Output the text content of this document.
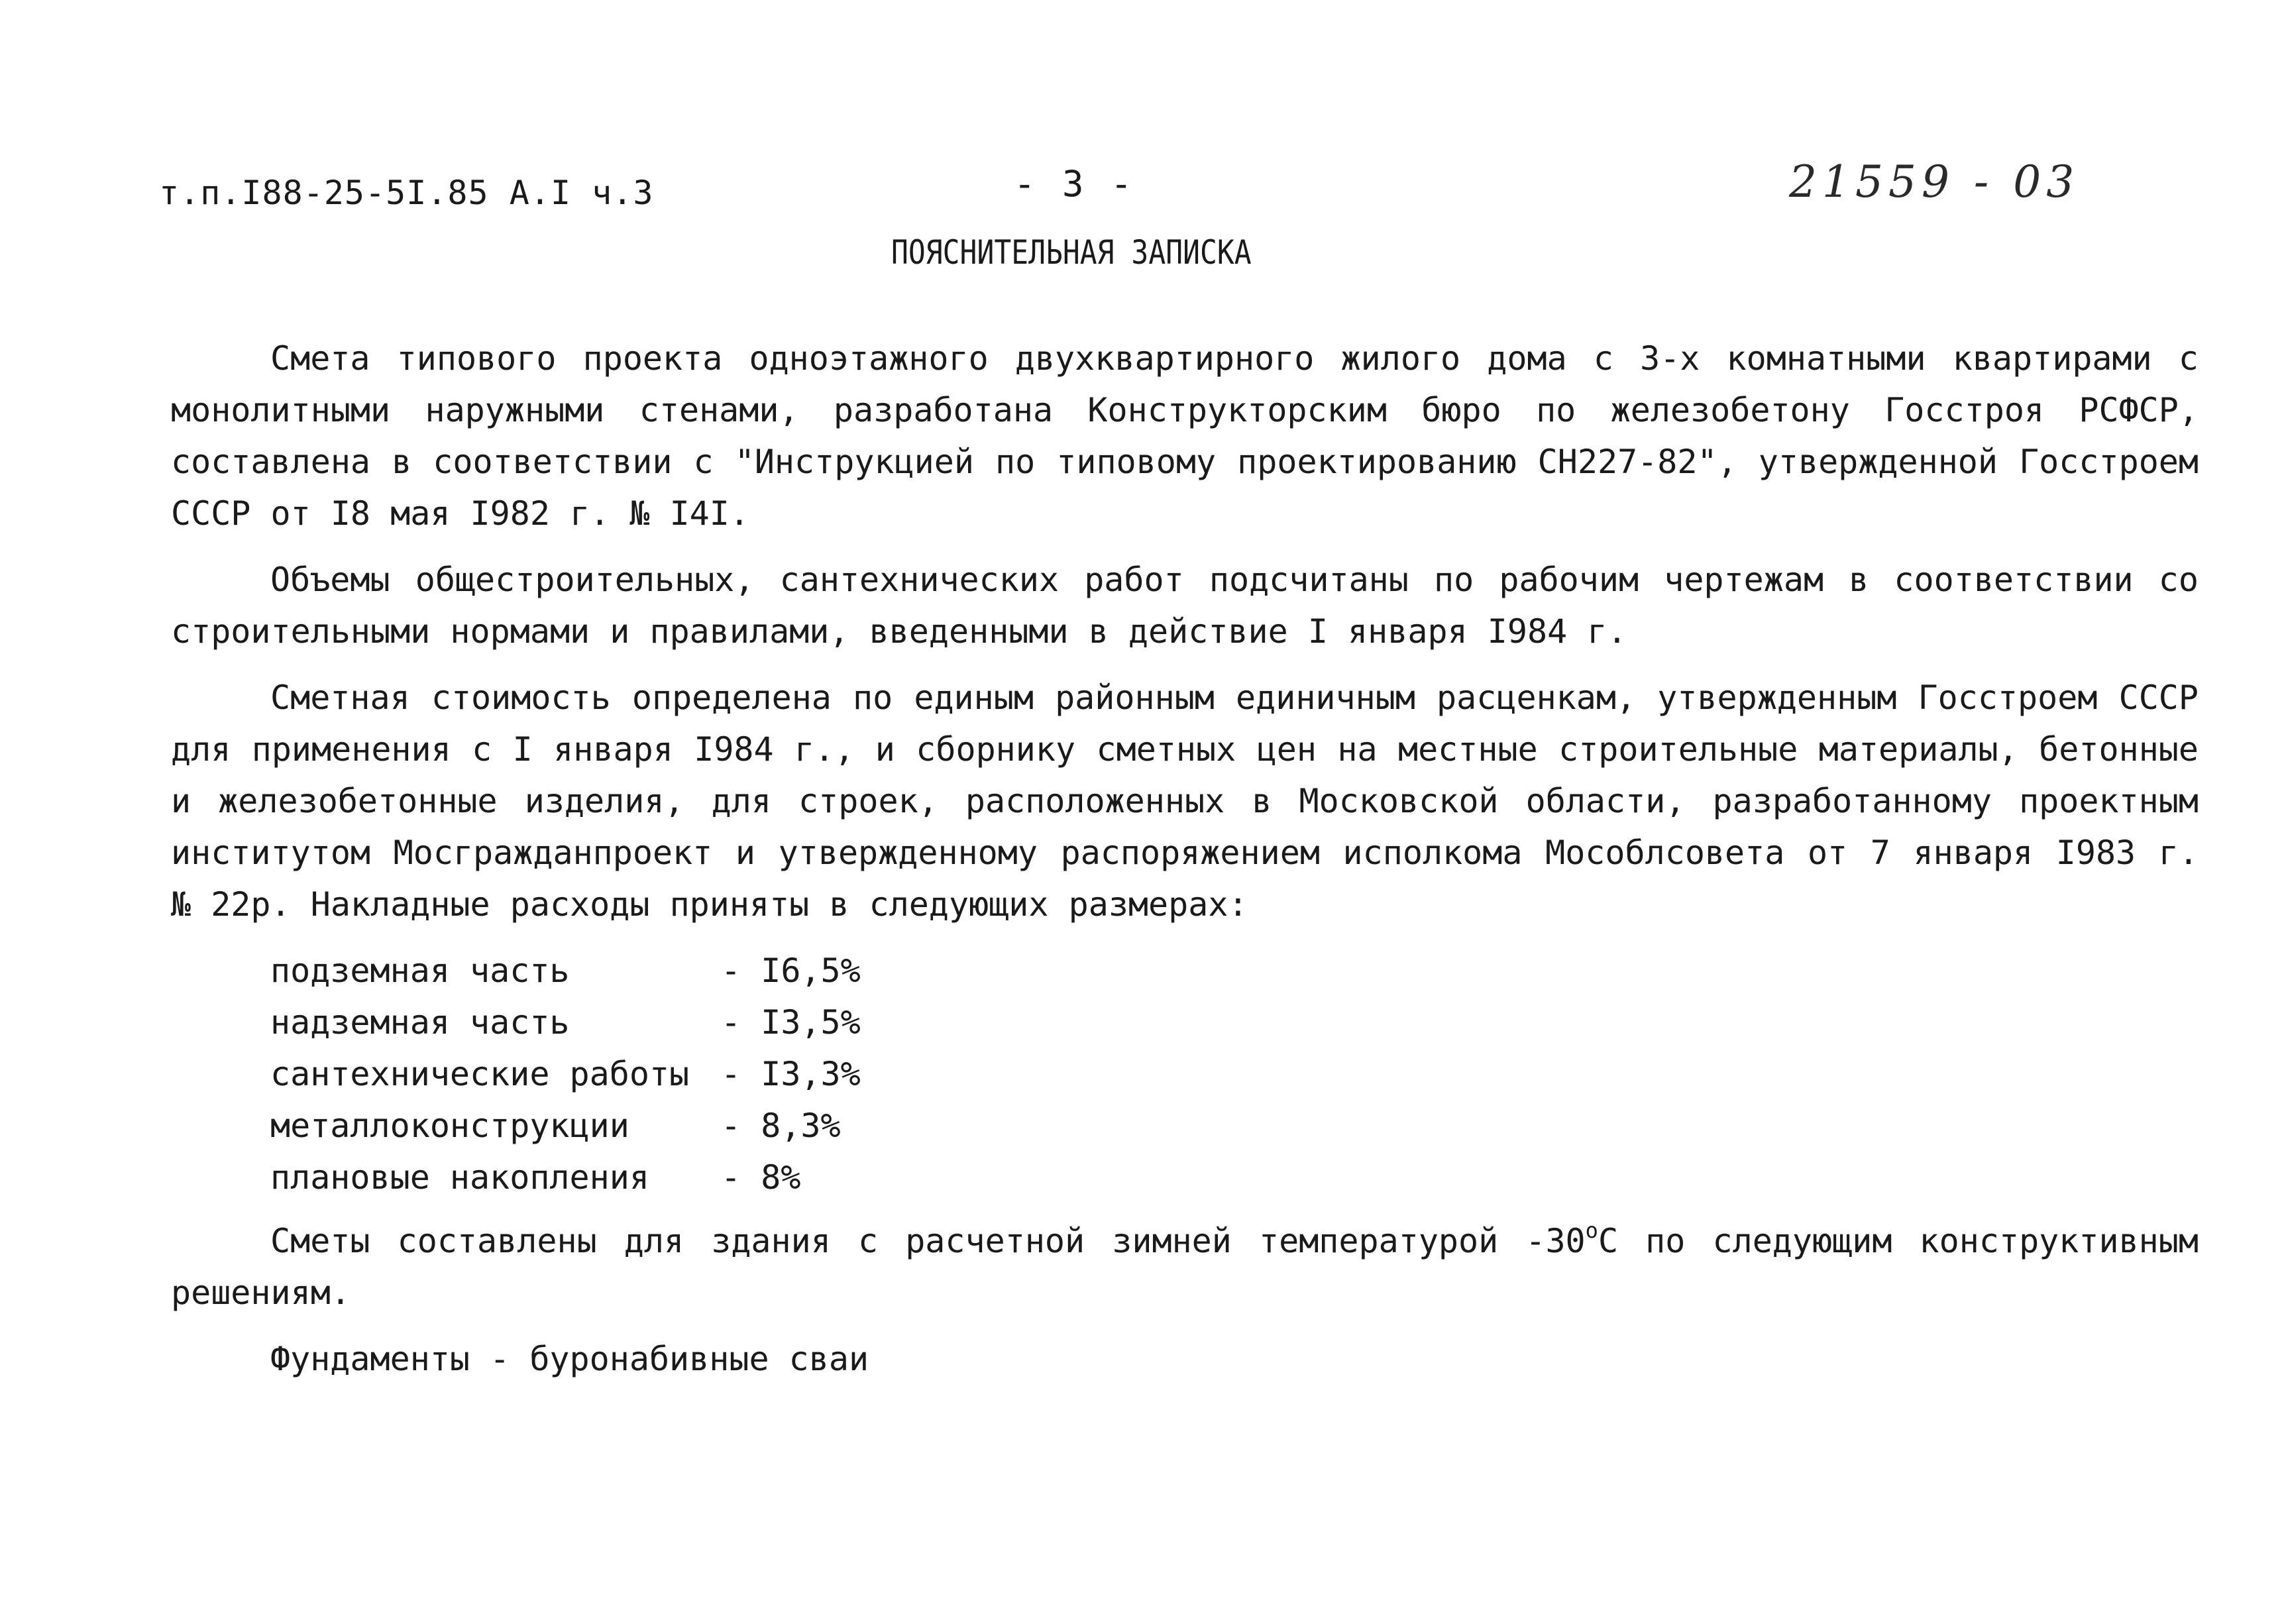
т.п.I88-25-5I.85 А.I ч.3	- 3 -	21559 - 03
ПОЯСНИТЕЛЬНАЯ ЗАПИСКА

Смета типового проекта одноэтажного двухквартирного жилого дома с 3-х комнатными квартирами с монолитными наружными стенами, разработана Конструкторским бюро по железобетону Госстроя РСФСР, составлена в соответствии с "Инструкцией по типовому проектированию СН227-82", утвержденной Госстроем СССР от I8 мая I982 г. № I4I.

Объемы общестроительных, сантехнических работ подсчитаны по рабочим чертежам в соответствии со строительными нормами и правилами, введенными в действие I января I984 г.

Сметная стоимость определена по единым районным единичным расценкам, утвержденным Госстроем СССР для применения с I января I984 г., и сборнику сметных цен на местные строительные материалы, бетонные и железобетонные изделия, для строек, расположенных в Московской области, разработанному проектным институтом Мосгражданпроект и утвержденному распоряжением исполкома Мособлсовета от 7 января I983 г. № 22р. Накладные расходы приняты в следующих размерах:

подземная часть	- I6,5%
надземная часть	- I3,5%
сантехнические работы - I3,3%
металлоконструкции	- 8,3%
плановые накопления	- 8%

Сметы составлены для здания с расчетной зимней температурой $-30^оС$ по следующим конструктивным решениям.

Фундаменты - буронабивные сваи
